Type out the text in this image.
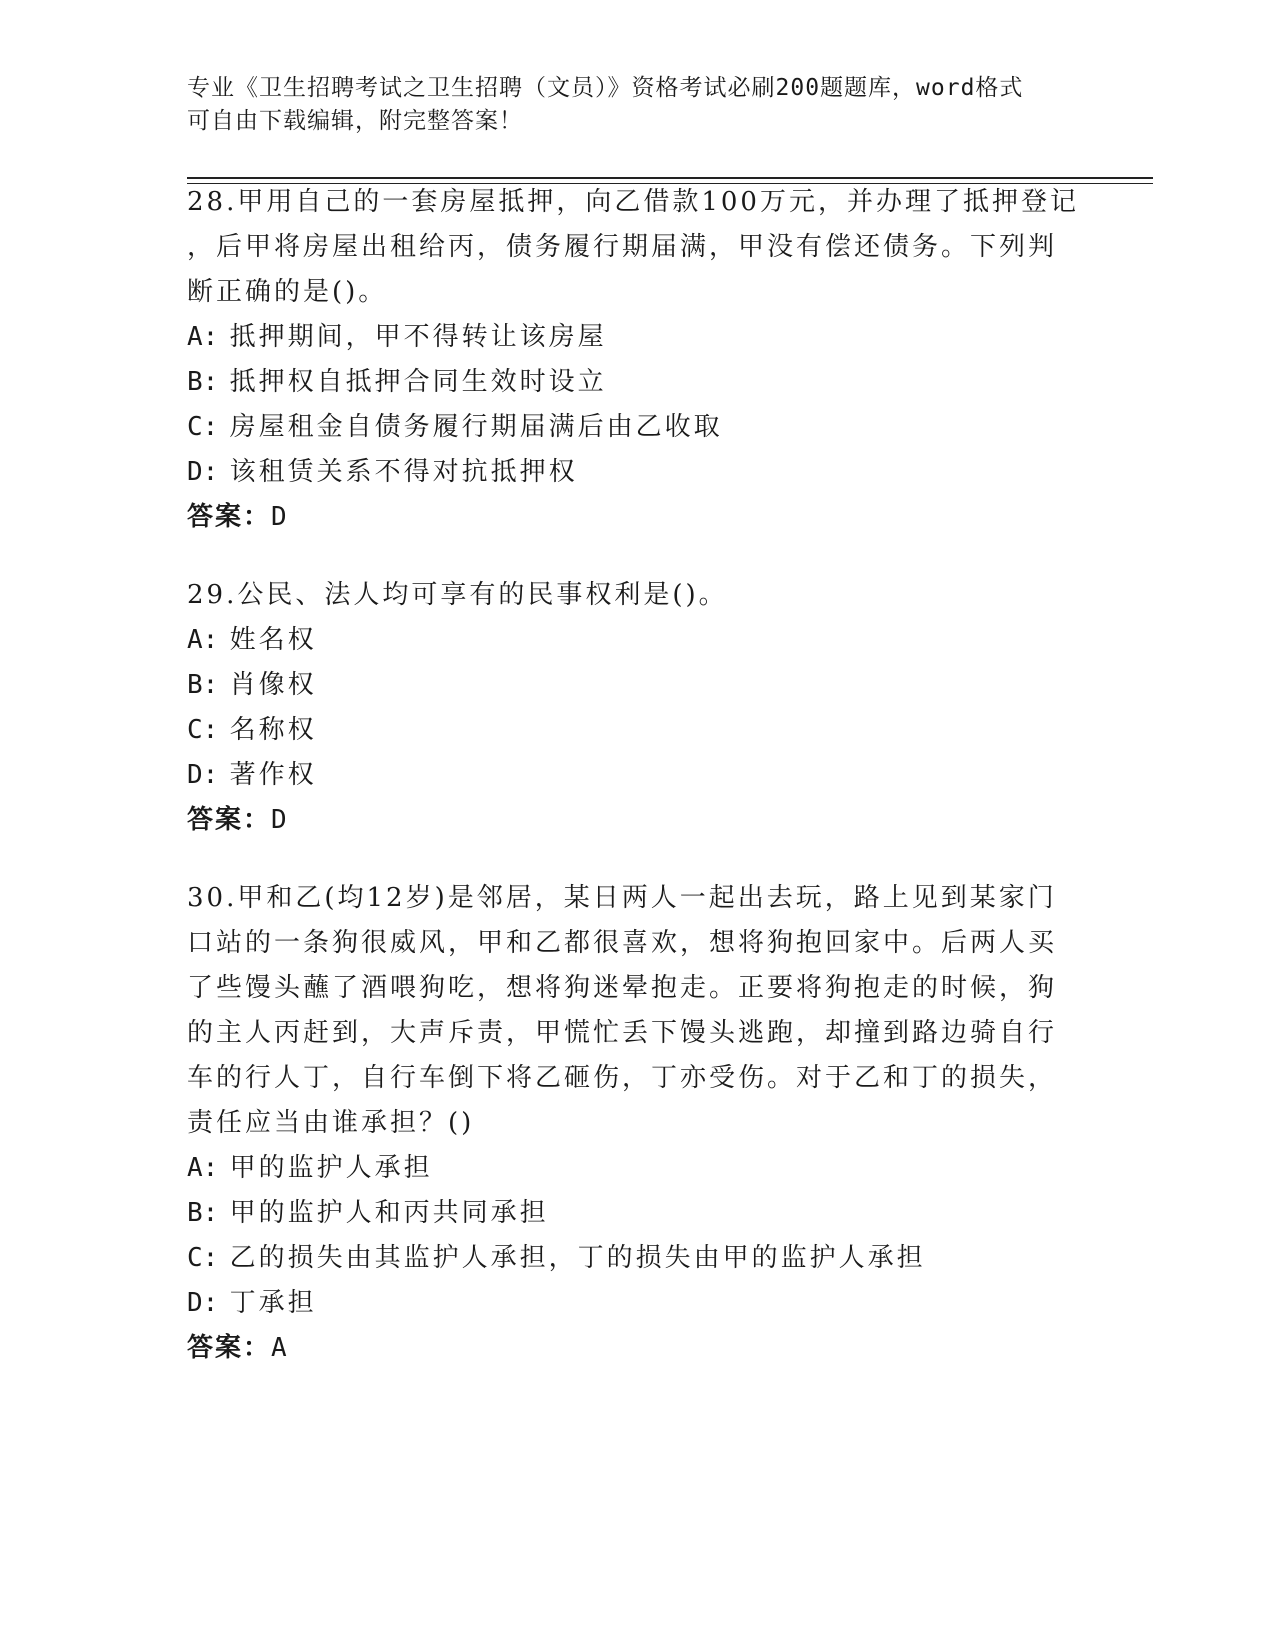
专业《卫生招聘考试之卫生招聘（文员）》资格考试必刷200题题库，word格式
可自由下载编辑，附完整答案！
28.甲用自己的一套房屋抵押，向乙借款100万元，并办理了抵押登记
，后甲将房屋出租给丙，债务履行期届满，甲没有偿还债务。下列判
断正确的是()。
A: 抵押期间，甲不得转让该房屋
B: 抵押权自抵押合同生效时设立
C: 房屋租金自债务履行期届满后由乙收取
D: 该租赁关系不得对抗抵押权
答案：D
29.公民、法人均可享有的民事权利是()。
A: 姓名权
B: 肖像权
C: 名称权
D: 著作权
答案：D
30.甲和乙(均12岁)是邻居，某日两人一起出去玩，路上见到某家门
口站的一条狗很威风，甲和乙都很喜欢，想将狗抱回家中。后两人买
了些馒头蘸了酒喂狗吃，想将狗迷晕抱走。正要将狗抱走的时候，狗
的主人丙赶到，大声斥责，甲慌忙丢下馒头逃跑，却撞到路边骑自行
车的行人丁，自行车倒下将乙砸伤，丁亦受伤。对于乙和丁的损失，
责任应当由谁承担？()
A: 甲的监护人承担
B: 甲的监护人和丙共同承担
C: 乙的损失由其监护人承担，丁的损失由甲的监护人承担
D: 丁承担
答案：A
